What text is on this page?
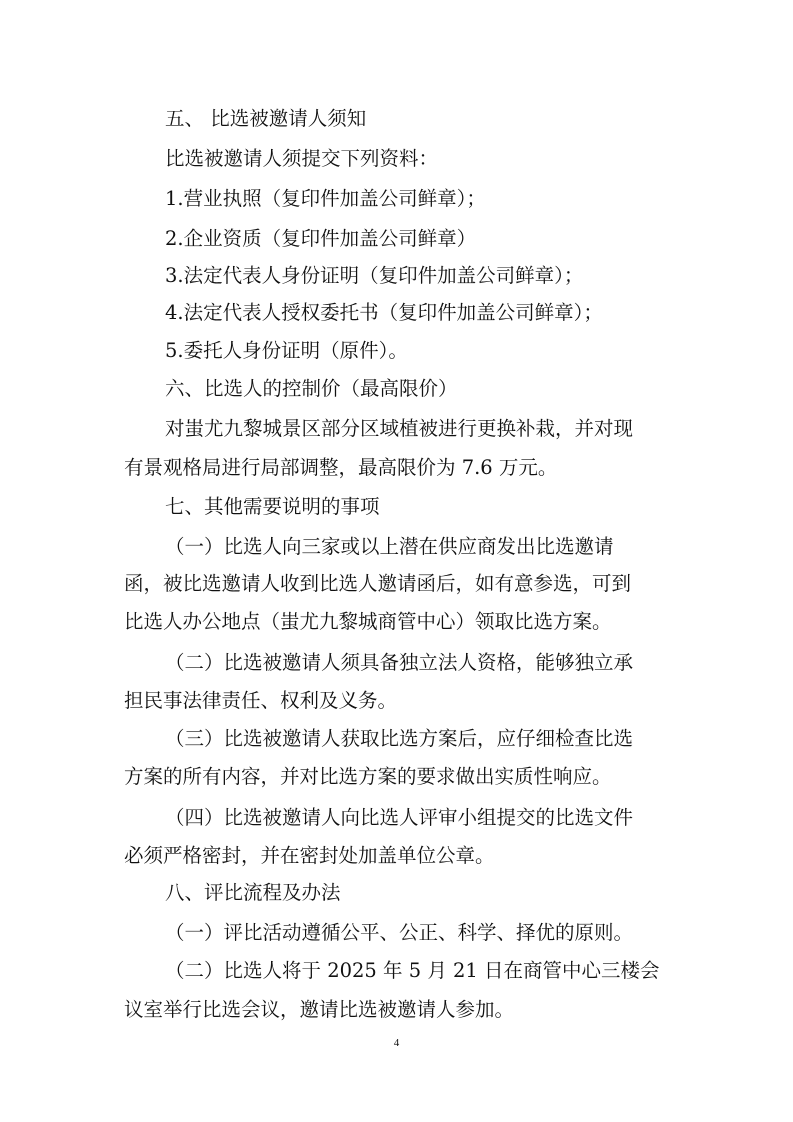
五、 比选被邀请人须知
比选被邀请人须提交下列资料：
1.营业执照（复印件加盖公司鲜章）；
2.企业资质（复印件加盖公司鲜章）
3.法定代表人身份证明（复印件加盖公司鲜章）；
4.法定代表人授权委托书（复印件加盖公司鲜章）；
5.委托人身份证明（原件）。
六、比选人的控制价（最高限价）
对蚩尤九黎城景区部分区域植被进行更换补栽，并对现
有景观格局进行局部调整，最高限价为 7.6 万元。
七、其他需要说明的事项
（一）比选人向三家或以上潜在供应商发出比选邀请
函，被比选邀请人收到比选人邀请函后，如有意参选，可到
比选人办公地点（蚩尤九黎城商管中心）领取比选方案。
（二）比选被邀请人须具备独立法人资格，能够独立承
担民事法律责任、权利及义务。
（三）比选被邀请人获取比选方案后，应仔细检查比选
方案的所有内容，并对比选方案的要求做出实质性响应。
（四）比选被邀请人向比选人评审小组提交的比选文件
必须严格密封，并在密封处加盖单位公章。
八、评比流程及办法
（一）评比活动遵循公平、公正、科学、择优的原则。
（二）比选人将于 2025 年 5 月 21 日在商管中心三楼会
议室举行比选会议，邀请比选被邀请人参加。
4
